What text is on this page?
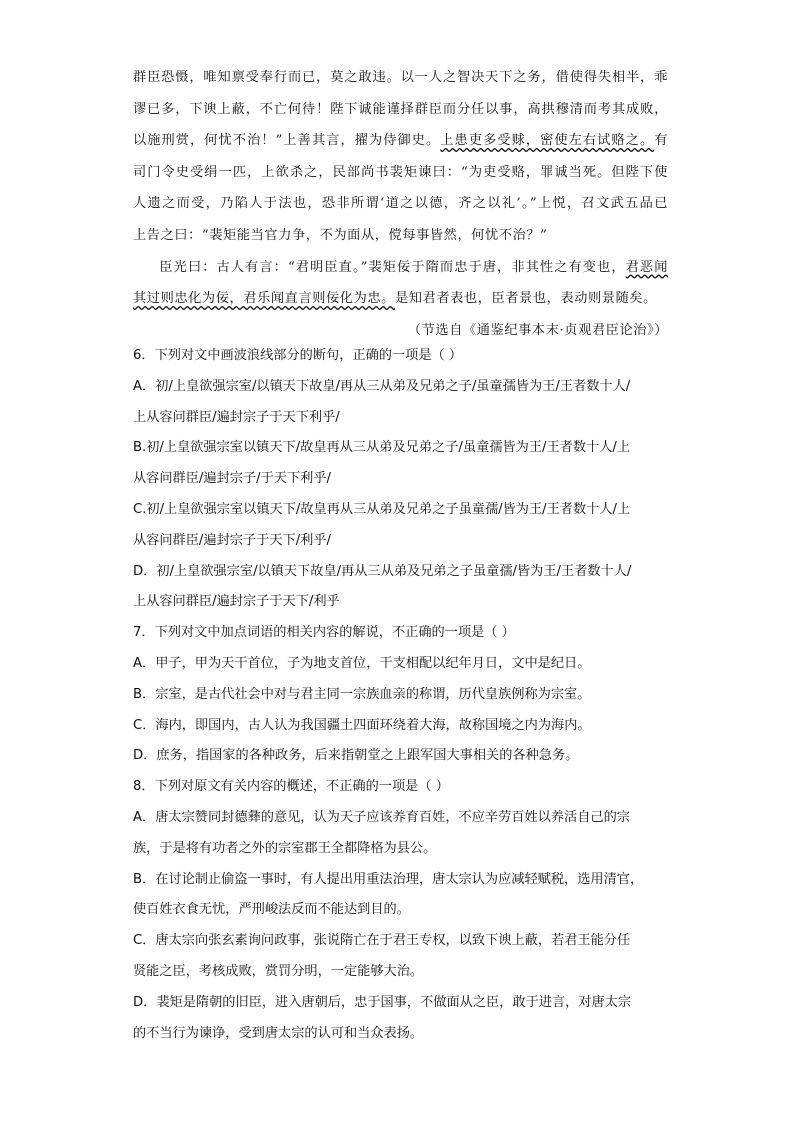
群臣恐慑，唯知禀受奉行而已，莫之敢违。以一人之智决天下之务，借使得失相半，乖

谬已多，下谀上蔽，不亡何待！陛下诚能谨择群臣而分任以事，高拱穆清而考其成败，

以施刑赏，何忧不治！”上善其言，擢为侍御史。上患吏多受赇，密使左右试赂之。有

司门令史受绢一匹，上欲杀之，民部尚书裴矩谏曰：“为吏受赂，罪诚当死。但陛下使

人遗之而受，乃陷人于法也，恐非所谓‘道之以德，齐之以礼’。”上悦，召文武五品已

上告之曰：“裴矩能当官力争，不为面从，傥每事皆然，何忧不治？”

臣光曰：古人有言：“君明臣直。”裴矩佞于隋而忠于唐，非其性之有变也，君恶闻

其过则忠化为佞，君乐闻直言则佞化为忠。是知君者表也，臣者景也，表动则景随矣。

（节选自《通鉴纪事本末·贞观君臣论治》）

6．下列对文中画波浪线部分的断句，正确的一项是（ ）

A．初/上皇欲强宗室/以镇天下故皇/再从三从弟及兄弟之子/虽童孺皆为王/王者数十人/

上从容问群臣/遍封宗子于天下利乎/

B.初/上皇欲强宗室以镇天下/故皇再从三从弟及兄弟之子/虽童孺皆为王/王者数十人/上

从容问群臣/遍封宗子/于天下利乎/

C.初/上皇欲强宗室以镇天下/故皇再从三从弟及兄弟之子虽童孺/皆为王/王者数十人/上

从容问群臣/遍封宗子于天下/利乎/

D．初/上皇欲强宗室/以镇天下故皇/再从三从弟及兄弟之子虽童孺/皆为王/王者数十人/

上从容问群臣/遍封宗子于天下/利乎

7．下列对文中加点词语的相关内容的解说，不正确的一项是（ ）

A．甲子，甲为天干首位，子为地支首位，干支相配以纪年月日，文中是纪日。

B．宗室，是古代社会中对与君主同一宗族血亲的称谓，历代皇族例称为宗室。

C．海内，即国内，古人认为我国疆土四面环绕着大海，故称国境之内为海内。

D．庶务，指国家的各种政务，后来指朝堂之上跟军国大事相关的各种急务。

8．下列对原文有关内容的概述，不正确的一项是（ ）

A．唐太宗赞同封德彝的意见，认为天子应该养育百姓，不应辛劳百姓以养活自己的宗

族，于是将有功者之外的宗室郡王全都降格为县公。

B．在讨论制止偷盗一事时，有人提出用重法治理，唐太宗认为应减轻赋税，选用清官，

使百姓衣食无忧，严刑峻法反而不能达到目的。

C．唐太宗向张玄素询问政事，张说隋亡在于君王专权，以致下谀上蔽，若君王能分任

贤能之臣，考核成败，赏罚分明，一定能够大治。

D．裴矩是隋朝的旧臣，进入唐朝后，忠于国事，不做面从之臣，敢于进言，对唐太宗

的不当行为谏诤，受到唐太宗的认可和当众表扬。
